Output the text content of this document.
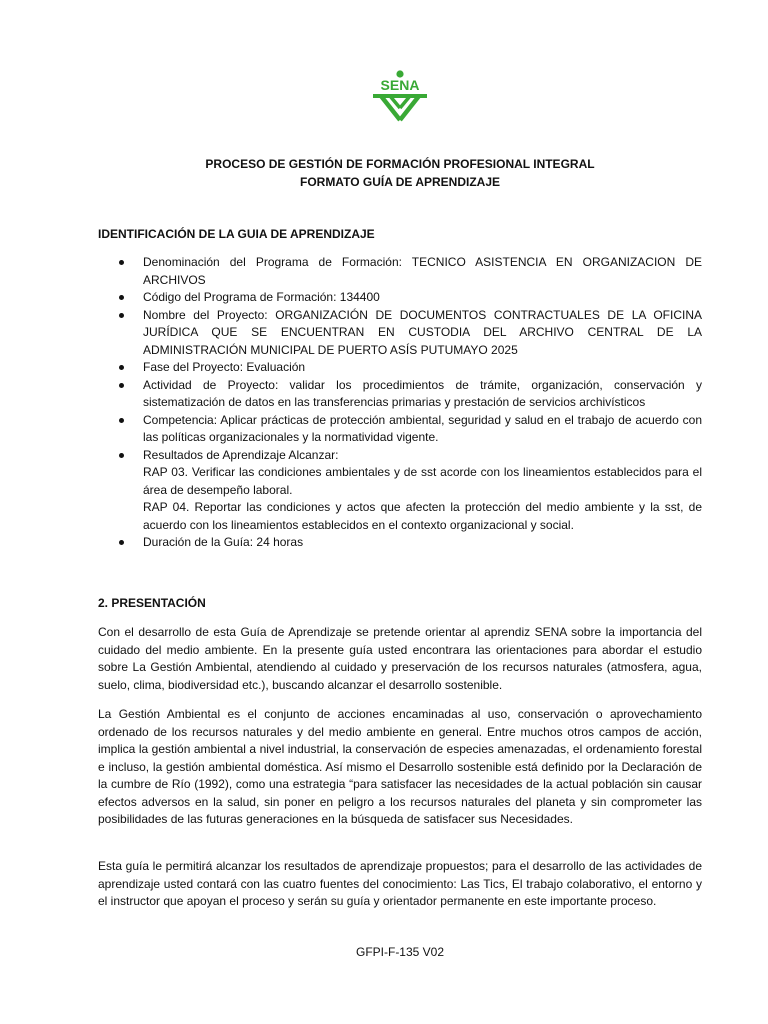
SENA
PROCESO DE GESTIÓN DE FORMACIÓN PROFESIONAL INTEGRAL
FORMATO GUÍA DE APRENDIZAJE
IDENTIFICACIÓN DE LA GUIA DE APRENDIZAJE
Denominación del Programa de Formación: TECNICO ASISTENCIA EN ORGANIZACION DE ARCHIVOS
Código del Programa de Formación: 134400
Nombre del Proyecto: ORGANIZACIÓN DE DOCUMENTOS CONTRACTUALES DE LA OFICINA JURÍDICA QUE SE ENCUENTRAN EN CUSTODIA DEL ARCHIVO CENTRAL DE LA ADMINISTRACIÓN MUNICIPAL DE PUERTO ASÍS PUTUMAYO 2025
Fase del Proyecto: Evaluación
Actividad de Proyecto: validar los procedimientos de trámite, organización, conservación y sistematización de datos en las transferencias primarias y prestación de servicios archivísticos
Competencia: Aplicar prácticas de protección ambiental, seguridad y salud en el trabajo de acuerdo con las políticas organizacionales y la normatividad vigente.
Resultados de Aprendizaje Alcanzar:
RAP 03. Verificar las condiciones ambientales y de sst acorde con los lineamientos establecidos para el área de desempeño laboral.
RAP 04. Reportar las condiciones y actos que afecten la protección del medio ambiente y la sst, de acuerdo con los lineamientos establecidos en el contexto organizacional y social.
Duración de la Guía: 24 horas
2. PRESENTACIÓN

Con el desarrollo de esta Guía de Aprendizaje se pretende orientar al aprendiz SENA sobre la importancia del cuidado del medio ambiente. En la presente guía usted encontrara las orientaciones para abordar el estudio sobre La Gestión Ambiental, atendiendo al cuidado y preservación de los recursos naturales (atmosfera, agua, suelo, clima, biodiversidad etc.), buscando alcanzar el desarrollo sostenible.

La Gestión Ambiental es el conjunto de acciones encaminadas al uso, conservación o aprovechamiento ordenado de los recursos naturales y del medio ambiente en general. Entre muchos otros campos de acción, implica la gestión ambiental a nivel industrial, la conservación de especies amenazadas, el ordenamiento forestal e incluso, la gestión ambiental doméstica. Así mismo el Desarrollo sostenible está definido por la Declaración de la cumbre de Río (1992), como una estrategia “para satisfacer las necesidades de la actual población sin causar efectos adversos en la salud, sin poner en peligro a los recursos naturales del planeta y sin comprometer las posibilidades de las futuras generaciones en la búsqueda de satisfacer sus Necesidades.

Esta guía le permitirá alcanzar los resultados de aprendizaje propuestos; para el desarrollo de las actividades de aprendizaje usted contará con las cuatro fuentes del conocimiento: Las Tics, El trabajo colaborativo, el entorno y el instructor que apoyan el proceso y serán su guía y orientador permanente en este importante proceso.

GFPI-F-135 V02
